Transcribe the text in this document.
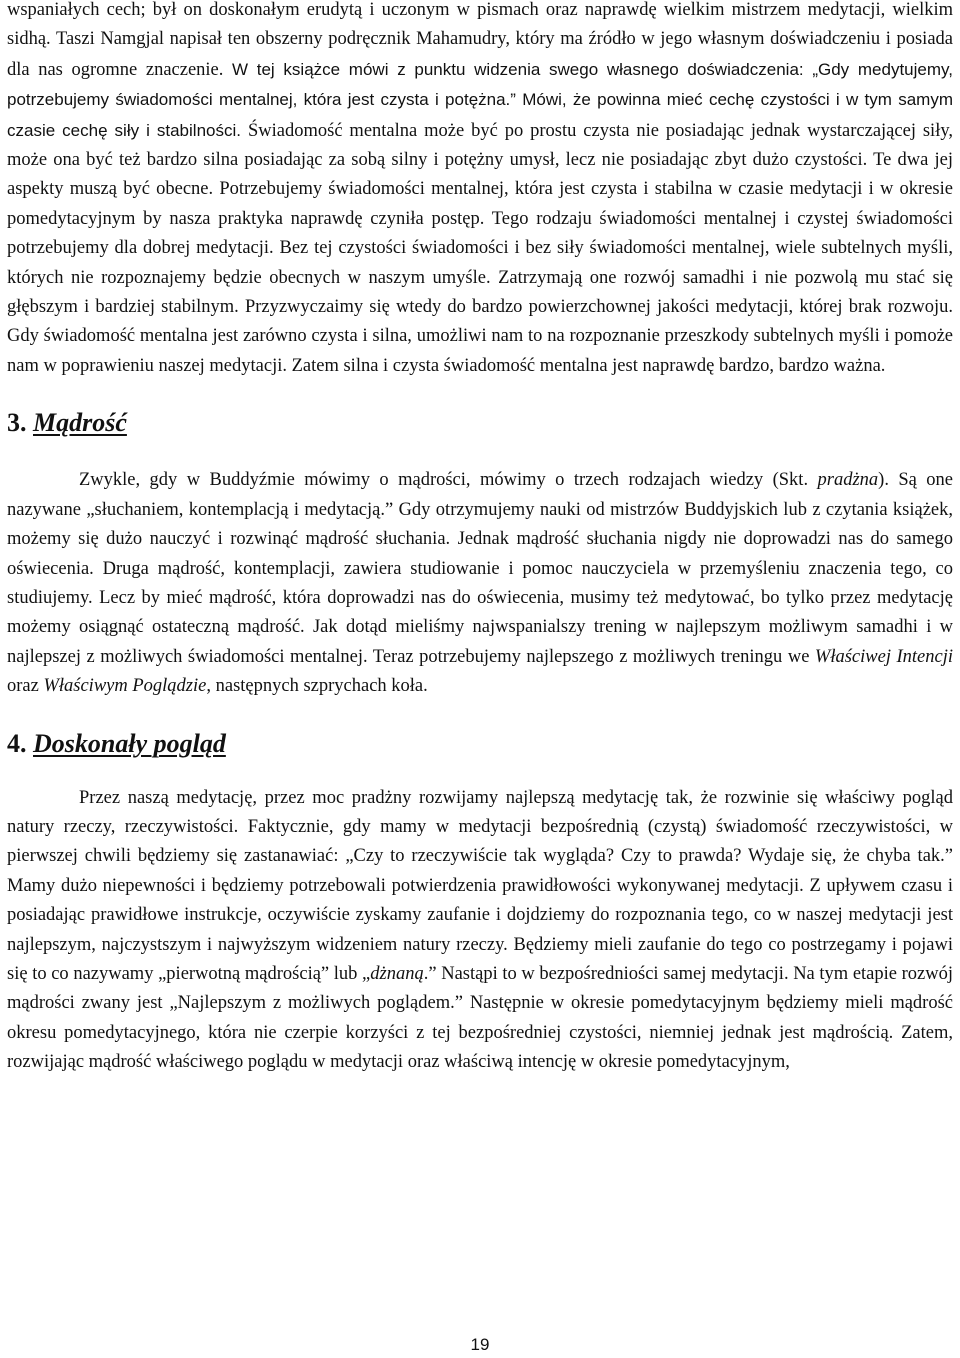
wspaniałych cech; był on doskonałym erudytą i uczonym w pismach oraz naprawdę wielkim mistrzem medytacji, wielkim sidhą. Taszi Namgjal napisał ten obszerny podręcznik Mahamudry, który ma źródło w jego własnym doświadczeniu i posiada dla nas ogromne znaczenie. W tej książce mówi z punktu widzenia swego własnego doświadczenia: „Gdy medytujemy, potrzebujemy świadomości mentalnej, która jest czysta i potężna.” Mówi, że powinna mieć cechę czystości i w tym samym czasie cechę siły i stabilności. Świadomość mentalna może być po prostu czysta nie posiadając jednak wystarczającej siły, może ona być też bardzo silna posiadając za sobą silny i potężny umysł, lecz nie posiadając zbyt dużo czystości. Te dwa jej aspekty muszą być obecne. Potrzebujemy świadomości mentalnej, która jest czysta i stabilna w czasie medytacji i w okresie pomedytacyjnym by nasza praktyka naprawdę czyniła postęp. Tego rodzaju świadomości mentalnej i czystej świadomości potrzebujemy dla dobrej medytacji. Bez tej czystości świadomości i bez siły świadomości mentalnej, wiele subtelnych myśli, których nie rozpoznajemy będzie obecnych w naszym umyśle. Zatrzymają one rozwój samadhi i nie pozwolą mu stać się głębszym i bardziej stabilnym. Przyzwyczaimy się wtedy do bardzo powierzchownej jakości medytacji, której brak rozwoju. Gdy świadomość mentalna jest zarówno czysta i silna, umożliwi nam to na rozpoznanie przeszkody subtelnych myśli i pomoże nam w poprawieniu naszej medytacji. Zatem silna i czysta świadomość mentalna jest naprawdę bardzo, bardzo ważna.

3. Mądrość

Zwykle, gdy w Buddyźmie mówimy o mądrości, mówimy o trzech rodzajach wiedzy (Skt. pradżna). Są one nazywane „słuchaniem, kontemplacją i medytacją.” Gdy otrzymujemy nauki od mistrzów Buddyjskich lub z czytania książek, możemy się dużo nauczyć i rozwinąć mądrość słuchania. Jednak mądrość słuchania nigdy nie doprowadzi nas do samego oświecenia. Druga mądrość, kontemplacji, zawiera studiowanie i pomoc nauczyciela w przemyśleniu znaczenia tego, co studiujemy. Lecz by mieć mądrość, która doprowadzi nas do oświecenia, musimy też medytować, bo tylko przez medytację możemy osiągnąć ostateczną mądrość. Jak dotąd mieliśmy najwspanialszy trening w najlepszym możliwym samadhi i w najlepszej z możliwych świadomości mentalnej. Teraz potrzebujemy najlepszego z możliwych treningu we Właściwej Intencji oraz Właściwym Poglądzie, następnych szprychach koła.

4. Doskonały pogląd

Przez naszą medytację, przez moc pradżny rozwijamy najlepszą medytację tak, że rozwinie się właściwy pogląd natury rzeczy, rzeczywistości. Faktycznie, gdy mamy w medytacji bezpośrednią (czystą) świadomość rzeczywistości, w pierwszej chwili będziemy się zastanawiać: „Czy to rzeczywiście tak wygląda? Czy to prawda? Wydaje się, że chyba tak.” Mamy dużo niepewności i będziemy potrzebowali potwierdzenia prawidłowości wykonywanej medytacji. Z upływem czasu i posiadając prawidłowe instrukcje, oczywiście zyskamy zaufanie i dojdziemy do rozpoznania tego, co w naszej medytacji jest najlepszym, najczystszym i najwyższym widzeniem natury rzeczy. Będziemy mieli zaufanie do tego co postrzegamy i pojawi się to co nazywamy „pierwotną mądrością” lub „dżnaną.” Nastąpi to w bezpośredniości samej medytacji. Na tym etapie rozwój mądrości zwany jest „Najlepszym z możliwych poglądem.” Następnie w okresie pomedytacyjnym będziemy mieli mądrość okresu pomedytacyjnego, która nie czerpie korzyści z tej bezpośredniej czystości, niemniej jednak jest mądrością. Zatem, rozwijając mądrość właściwego poglądu w medytacji oraz właściwą intencję w okresie pomedytacyjnym,

19
